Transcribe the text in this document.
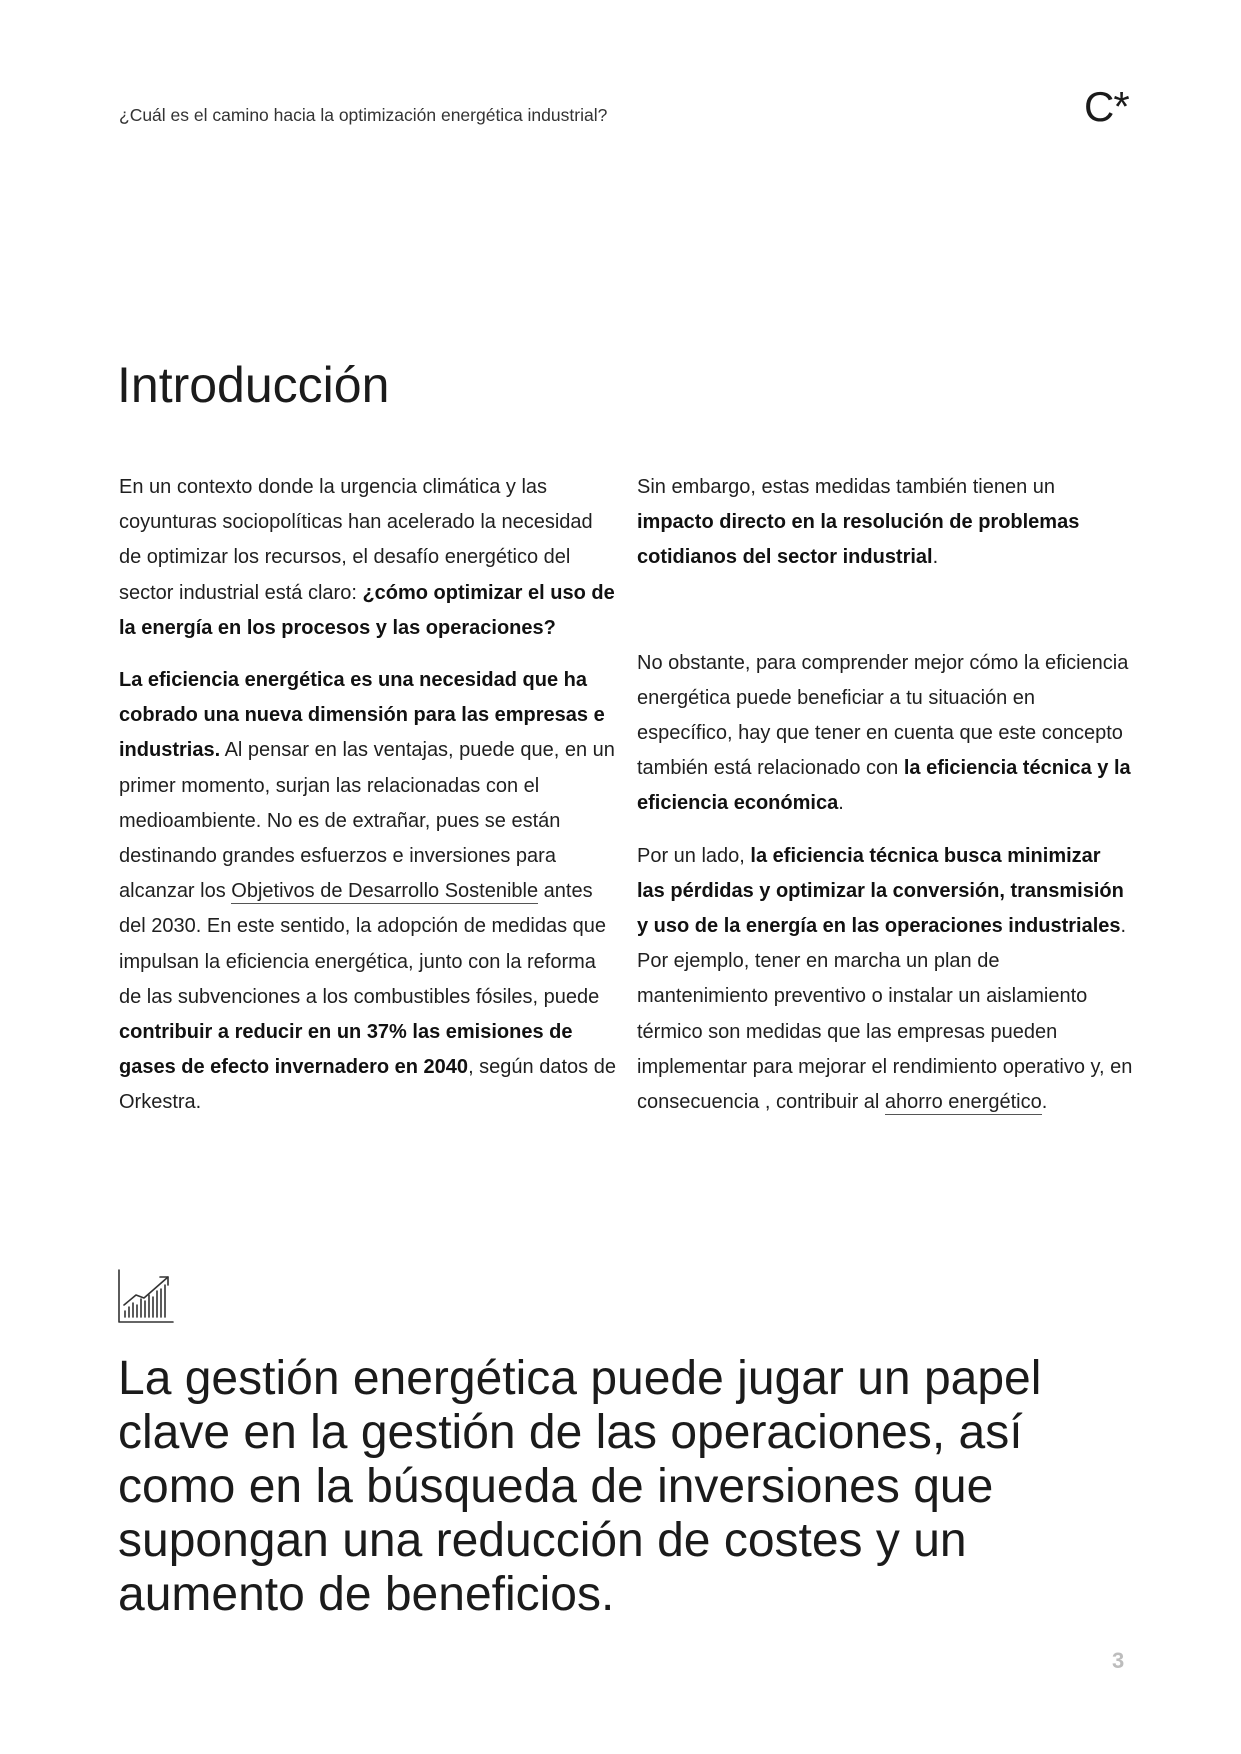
¿Cuál es el camino hacia la optimización energética industrial?	C*
Introducción

En un contexto donde la urgencia climática y las coyunturas sociopolíticas han acelerado la necesidad de optimizar los recursos, el desafío energético del sector industrial está claro: ¿cómo optimizar el uso de la energía en los procesos y las operaciones?

La eficiencia energética es una necesidad que ha cobrado una nueva dimensión para las empresas e industrias. Al pensar en las ventajas, puede que, en un primer momento, surjan las relacionadas con el medioambiente. No es de extrañar, pues se están destinando grandes esfuerzos e inversiones para alcanzar los Objetivos de Desarrollo Sostenible antes del 2030. En este sentido, la adopción de medidas que impulsan la eficiencia energética, junto con la reforma de las subvenciones a los combustibles fósiles, puede contribuir a reducir en un 37% las emisiones de gases de efecto invernadero en 2040, según datos de Orkestra.

Sin embargo, estas medidas también tienen un impacto directo en la resolución de problemas cotidianos del sector industrial.

No obstante, para comprender mejor cómo la eficiencia energética puede beneficiar a tu situación en específico, hay que tener en cuenta que este concepto también está relacionado con la eficiencia técnica y la eficiencia económica.

Por un lado, la eficiencia técnica busca minimizar las pérdidas y optimizar la conversión, transmisión y uso de la energía en las operaciones industriales. Por ejemplo, tener en marcha un plan de mantenimiento preventivo o instalar un aislamiento térmico son medidas que las empresas pueden implementar para mejorar el rendimiento operativo y, en consecuencia , contribuir al ahorro energético.

La gestión energética puede jugar un papel clave en la gestión de las operaciones, así como en la búsqueda de inversiones que supongan una reducción de costes y un aumento de beneficios.

3
